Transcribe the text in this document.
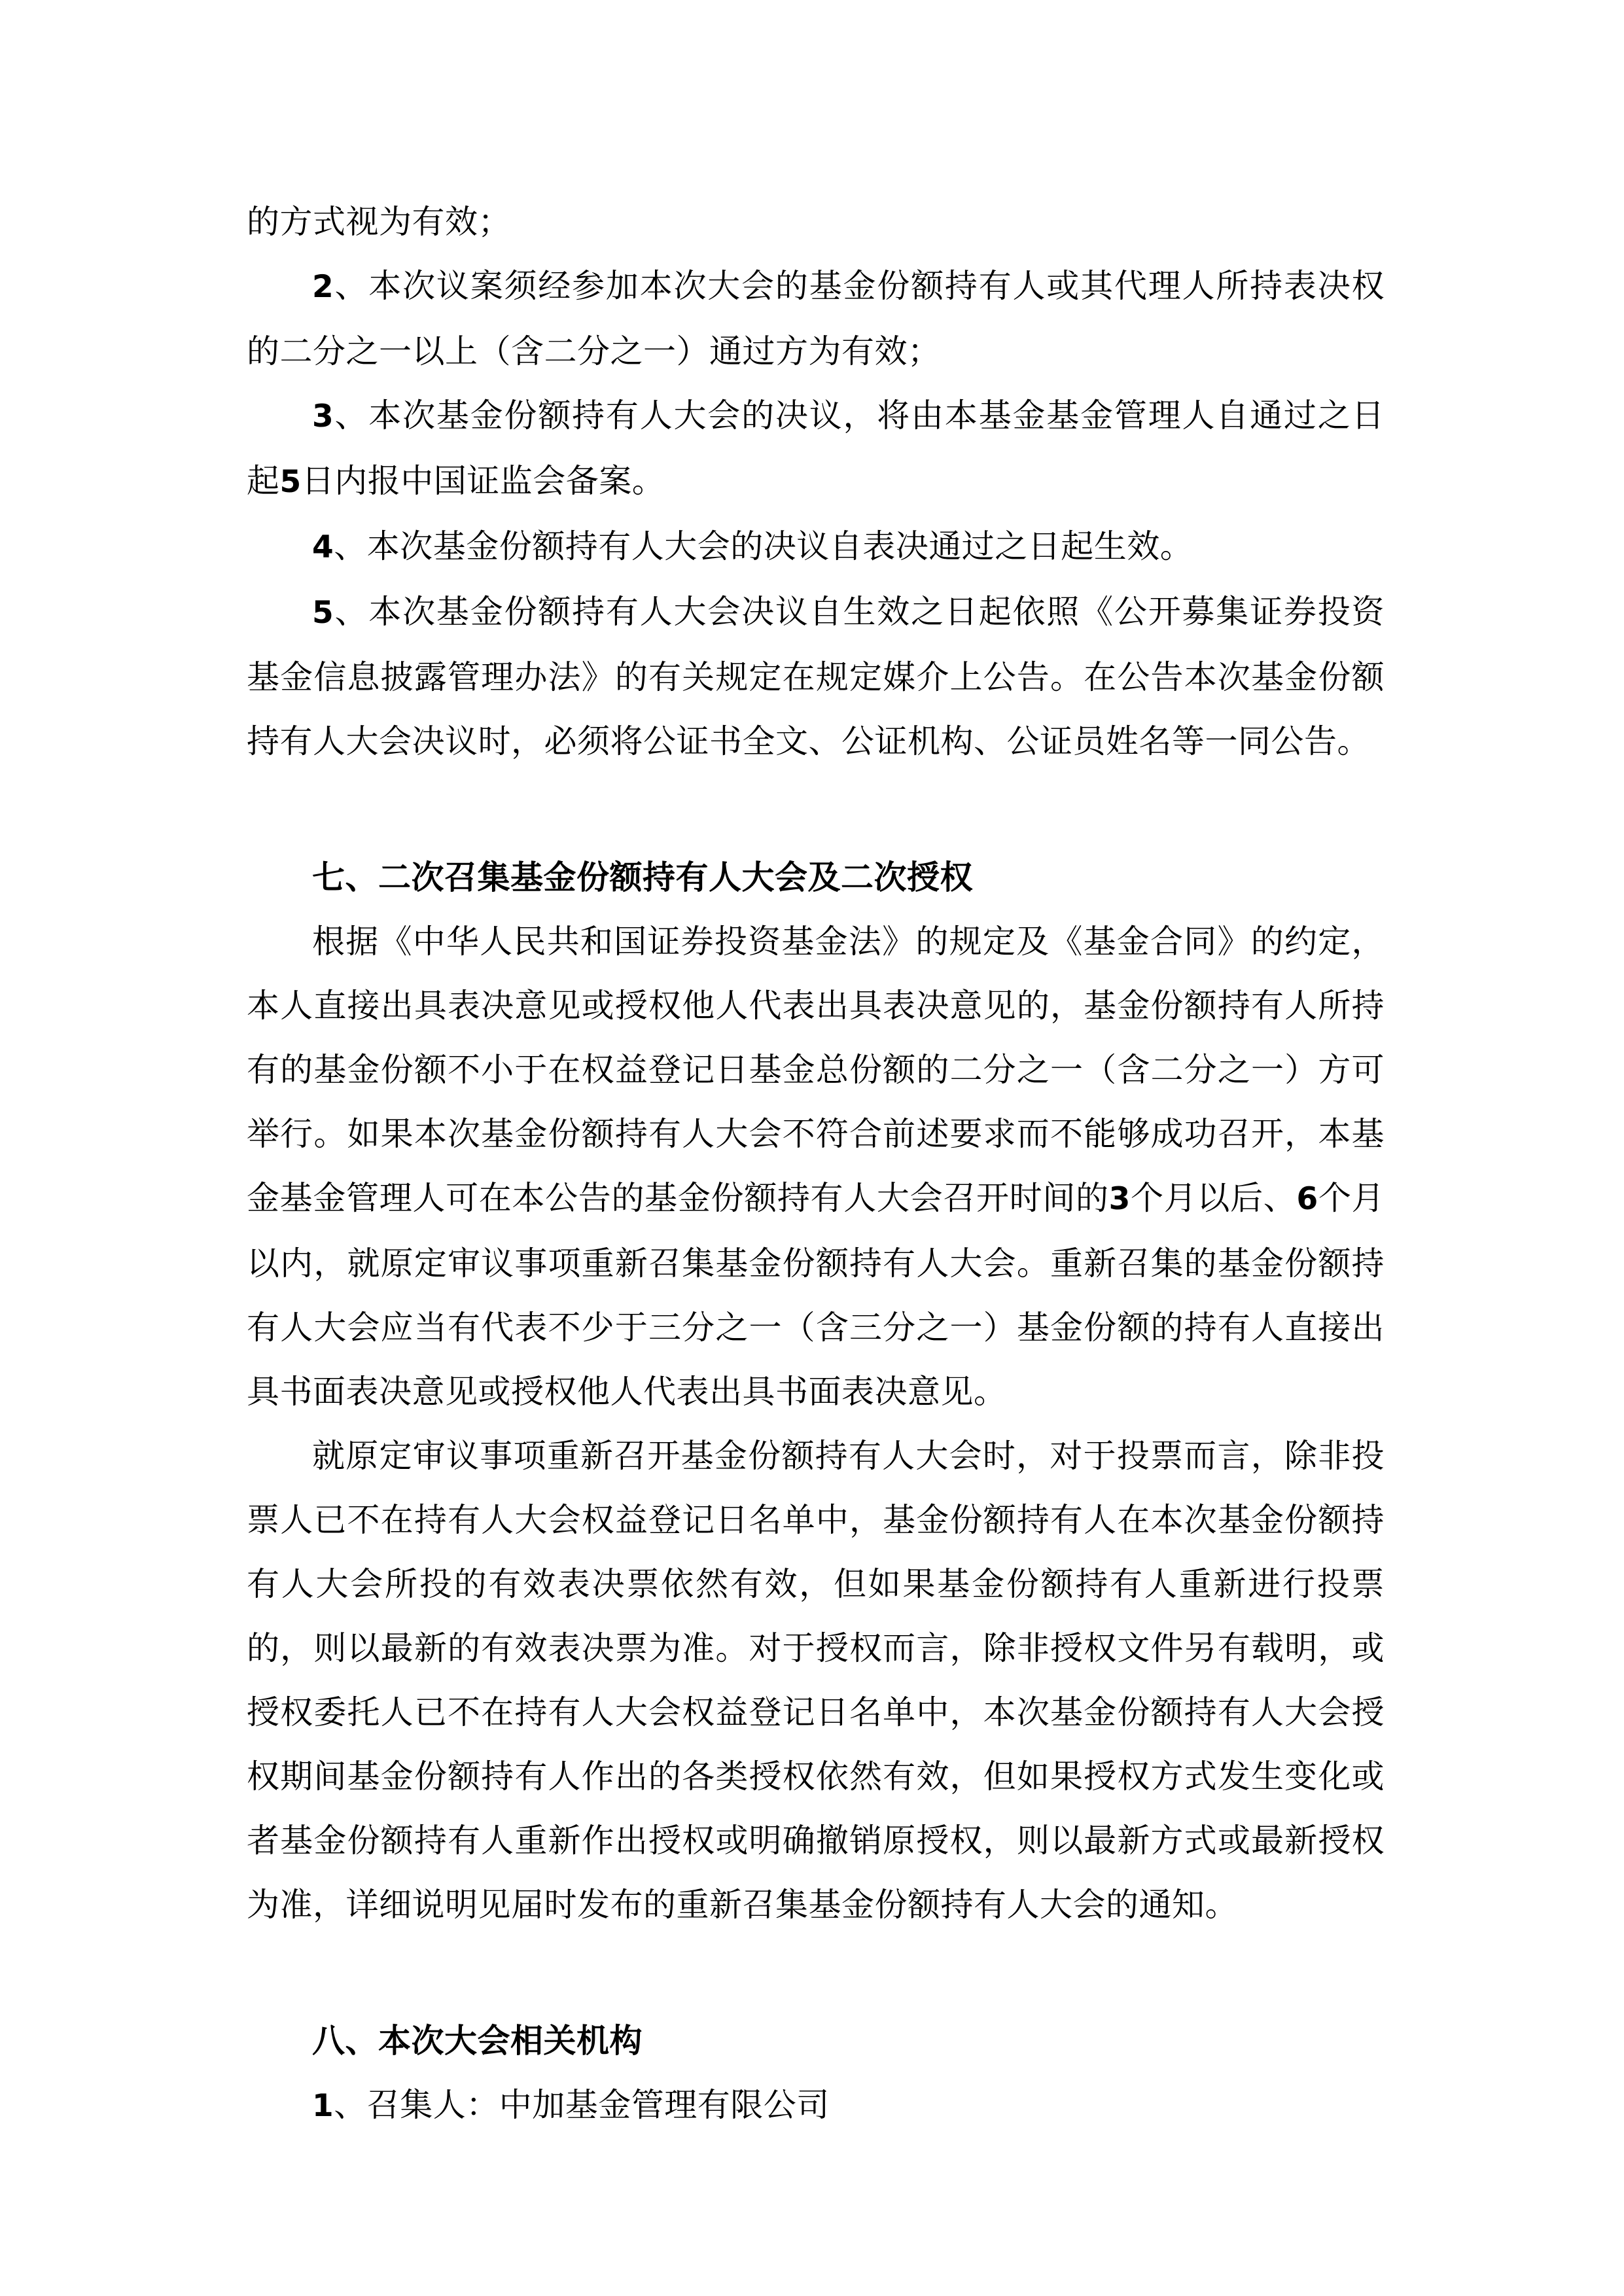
的方式视为有效；

2、本次议案须经参加本次大会的基金份额持有人或其代理人所持表决权的二分之一以上（含二分之一）通过方为有效；

3、本次基金份额持有人大会的决议，将由本基金基金管理人自通过之日起5日内报中国证监会备案。

4、本次基金份额持有人大会的决议自表决通过之日起生效。

5、本次基金份额持有人大会决议自生效之日起依照《公开募集证券投资基金信息披露管理办法》的有关规定在规定媒介上公告。在公告本次基金份额持有人大会决议时，必须将公证书全文、公证机构、公证员姓名等一同公告。

七、二次召集基金份额持有人大会及二次授权

根据《中华人民共和国证券投资基金法》的规定及《基金合同》的约定，本人直接出具表决意见或授权他人代表出具表决意见的，基金份额持有人所持有的基金份额不小于在权益登记日基金总份额的二分之一（含二分之一）方可举行。如果本次基金份额持有人大会不符合前述要求而不能够成功召开，本基金基金管理人可在本公告的基金份额持有人大会召开时间的3个月以后、6个月以内，就原定审议事项重新召集基金份额持有人大会。重新召集的基金份额持有人大会应当有代表不少于三分之一（含三分之一）基金份额的持有人直接出具书面表决意见或授权他人代表出具书面表决意见。

就原定审议事项重新召开基金份额持有人大会时，对于投票而言，除非投票人已不在持有人大会权益登记日名单中，基金份额持有人在本次基金份额持有人大会所投的有效表决票依然有效，但如果基金份额持有人重新进行投票的，则以最新的有效表决票为准。对于授权而言，除非授权文件另有载明，或授权委托人已不在持有人大会权益登记日名单中，本次基金份额持有人大会授权期间基金份额持有人作出的各类授权依然有效，但如果授权方式发生变化或者基金份额持有人重新作出授权或明确撤销原授权，则以最新方式或最新授权为准，详细说明见届时发布的重新召集基金份额持有人大会的通知。

八、本次大会相关机构

1、召集人：中加基金管理有限公司
